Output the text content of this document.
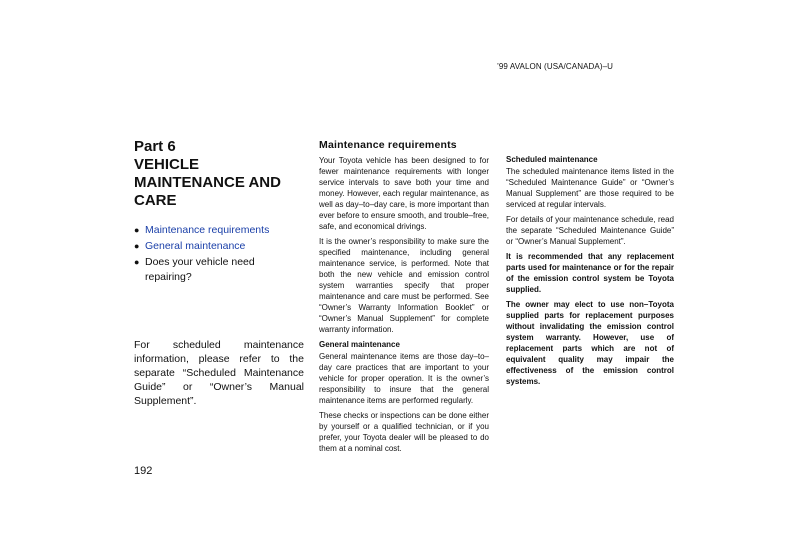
’99 AVALON (USA/CANADA)–U
Part 6
VEHICLE
MAINTENANCE AND
CARE
● Maintenance requirements
● General maintenance
● Does your vehicle need repairing?

For scheduled maintenance information, please refer to the separate “Scheduled Maintenance Guide” or “Owner’s Manual Supplement”.

Maintenance requirements

Your Toyota vehicle has been designed to for fewer maintenance requirements with longer service intervals to save both your time and money. However, each regular maintenance, as well as day–to–day care, is more important than ever before to ensure smooth, and trouble–free, safe, and economical drivings.

It is the owner’s responsibility to make sure the specified maintenance, including general maintenance service, is performed. Note that both the new vehicle and emission control system warranties specify that proper maintenance and care must be performed. See “Owner’s Warranty Information Booklet” or “Owner’s Manual Supplement” for complete warranty information.

General maintenance

General maintenance items are those day–to–day care practices that are important to your vehicle for proper operation. It is the owner’s responsibility to insure that the general maintenance items are performed regularly.

These checks or inspections can be done either by yourself or a qualified technician, or if you prefer, your Toyota dealer will be pleased to do them at a nominal cost.

Scheduled maintenance

The scheduled maintenance items listed in the “Scheduled Maintenance Guide” or “Owner’s Manual Supplement” are those required to be serviced at regular intervals.

For details of your maintenance schedule, read the separate “Scheduled Maintenance Guide” or “Owner’s Manual Supplement”.

It is recommended that any replacement parts used for maintenance or for the repair of the emission control system be Toyota supplied.

The owner may elect to use non–Toyota supplied parts for replacement purposes without invalidating the emission control system warranty. However, use of replacement parts which are not of equivalent quality may impair the effectiveness of the emission control systems.

192
